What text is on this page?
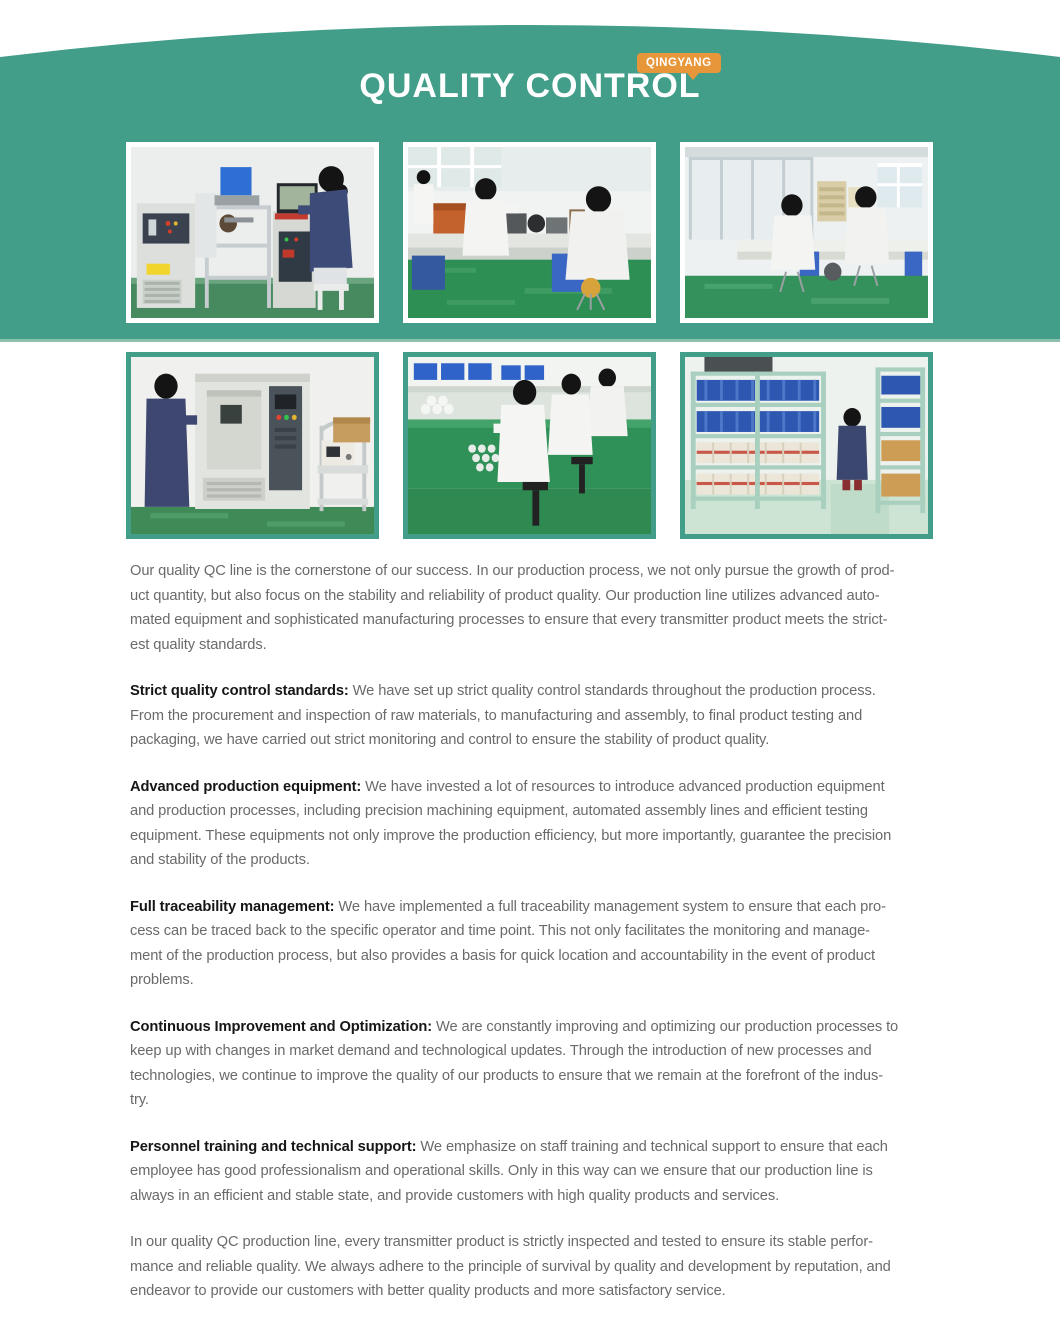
QINGYANG
QUALITY CONTROL
Our quality QC line is the cornerstone of our success. In our production process, we not only pursue the growth of prod-
uct quantity, but also focus on the stability and reliability of product quality. Our production line utilizes advanced auto-
mated equipment and sophisticated manufacturing processes to ensure that every transmitter product meets the strict-
est quality standards.
Strict quality control standards: We have set up strict quality control standards throughout the production process.
From the procurement and inspection of raw materials, to manufacturing and assembly, to final product testing and
packaging, we have carried out strict monitoring and control to ensure the stability of product quality.
Advanced production equipment: We have invested a lot of resources to introduce advanced production equipment
and production processes, including precision machining equipment, automated assembly lines and efficient testing
equipment. These equipments not only improve the production efficiency, but more importantly, guarantee the precision
and stability of the products.
Full traceability management: We have implemented a full traceability management system to ensure that each pro-
cess can be traced back to the specific operator and time point. This not only facilitates the monitoring and manage-
ment of the production process, but also provides a basis for quick location and accountability in the event of product
problems.
Continuous Improvement and Optimization: We are constantly improving and optimizing our production processes to
keep up with changes in market demand and technological updates. Through the introduction of new processes and
technologies, we continue to improve the quality of our products to ensure that we remain at the forefront of the indus-
try.
Personnel training and technical support: We emphasize on staff training and technical support to ensure that each
employee has good professionalism and operational skills. Only in this way can we ensure that our production line is
always in an efficient and stable state, and provide customers with high quality products and services.
In our quality QC production line, every transmitter product is strictly inspected and tested to ensure its stable perfor-
mance and reliable quality. We always adhere to the principle of survival by quality and development by reputation, and
endeavor to provide our customers with better quality products and more satisfactory service.
